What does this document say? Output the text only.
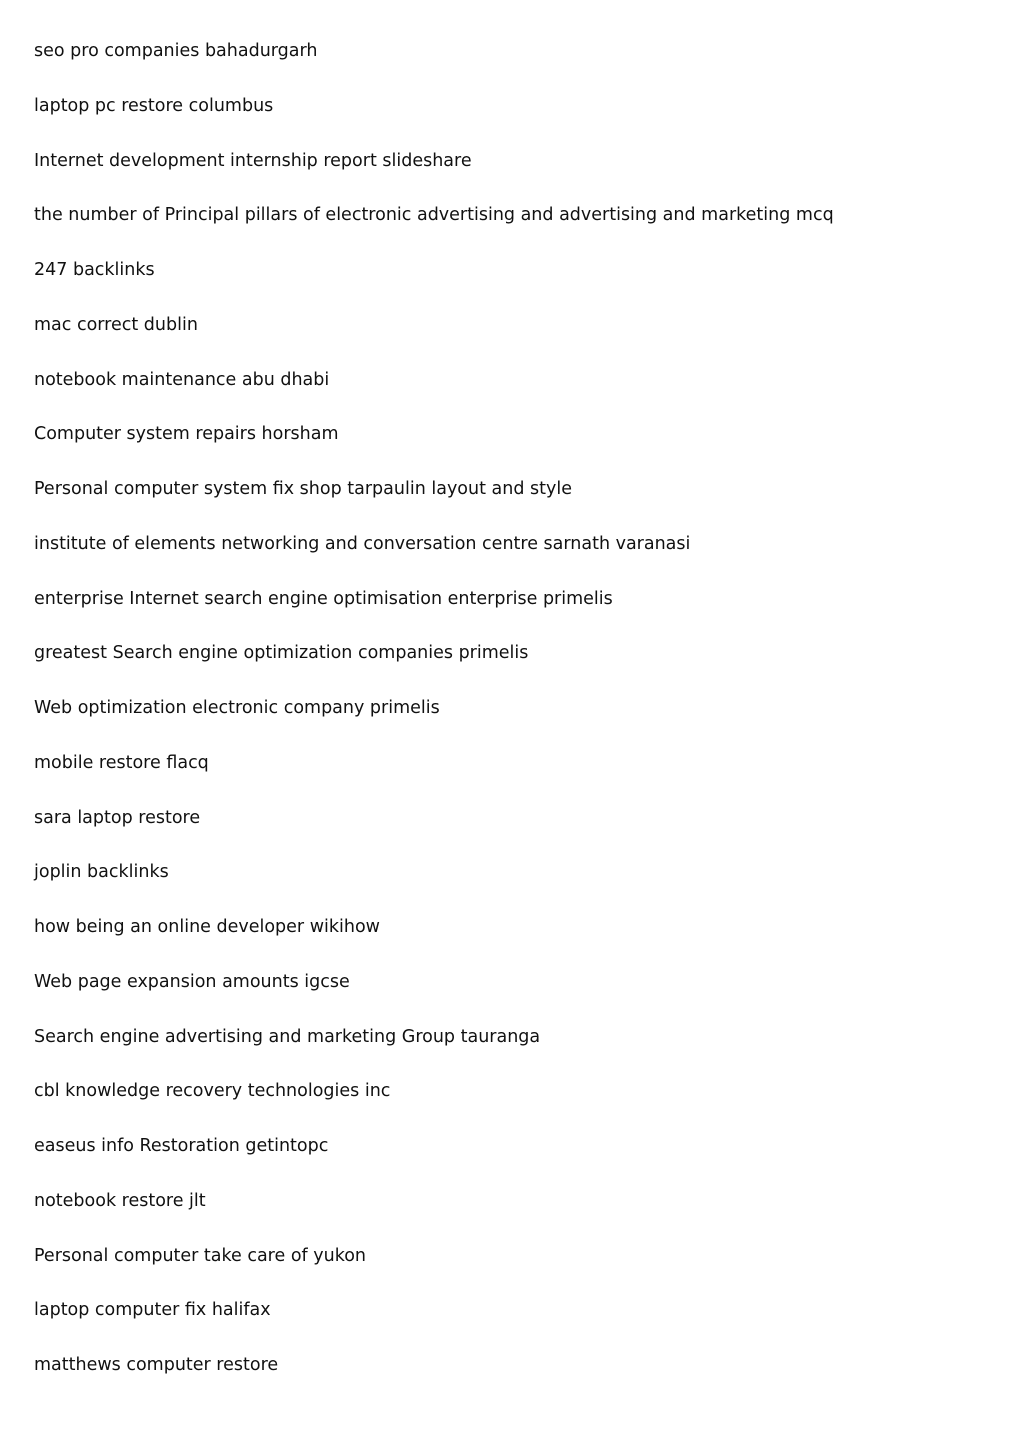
seo pro companies bahadurgarh
laptop pc restore columbus
Internet development internship report slideshare
the number of Principal pillars of electronic advertising and advertising and marketing mcq
247 backlinks
mac correct dublin
notebook maintenance abu dhabi
Computer system repairs horsham
Personal computer system fix shop tarpaulin layout and style
institute of elements networking and conversation centre sarnath varanasi
enterprise Internet search engine optimisation enterprise primelis
greatest Search engine optimization companies primelis
Web optimization electronic company primelis
mobile restore flacq
sara laptop restore
joplin backlinks
how being an online developer wikihow
Web page expansion amounts igcse
Search engine advertising and marketing Group tauranga
cbl knowledge recovery technologies inc
easeus info Restoration getintopc
notebook restore jlt
Personal computer take care of yukon
laptop computer fix halifax
matthews computer restore
